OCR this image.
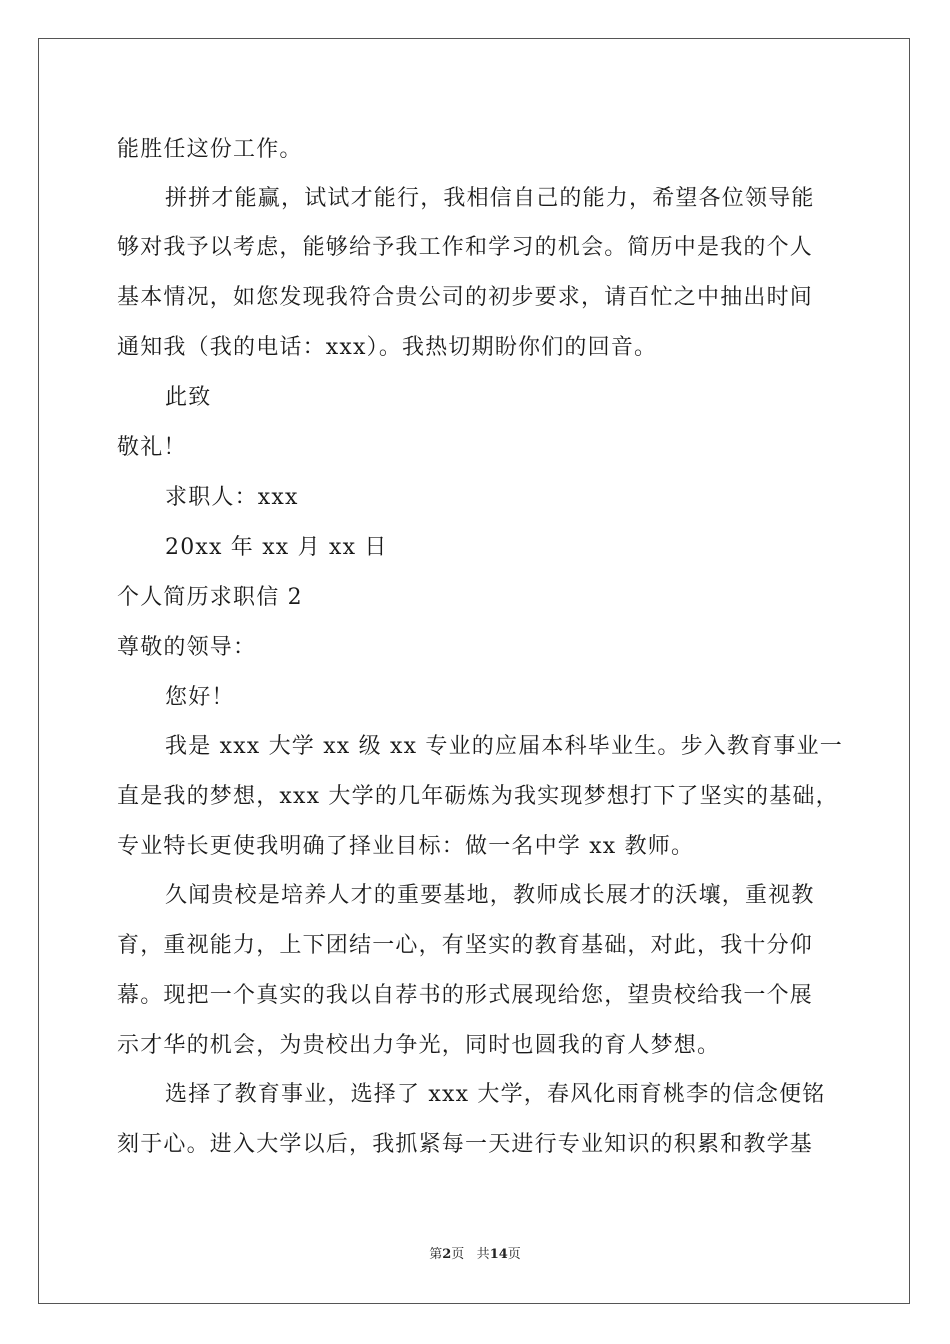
能胜任这份工作。
拼拼才能赢，试试才能行，我相信自己的能力，希望各位领导能
够对我予以考虑，能够给予我工作和学习的机会。简历中是我的个人
基本情况，如您发现我符合贵公司的初步要求，请百忙之中抽出时间
通知我（我的电话：xxx）。我热切期盼你们的回音。
此致
敬礼！
求职人：xxx
20xx 年 xx 月 xx 日
个人简历求职信 2
尊敬的领导：
您好！
我是 xxx 大学 xx 级 xx 专业的应届本科毕业生。步入教育事业一
直是我的梦想，xxx 大学的几年砺炼为我实现梦想打下了坚实的基础，
专业特长更使我明确了择业目标：做一名中学 xx 教师。
久闻贵校是培养人才的重要基地，教师成长展才的沃壤，重视教
育，重视能力，上下团结一心，有坚实的教育基础，对此，我十分仰
幕。现把一个真实的我以自荐书的形式展现给您，望贵校给我一个展
示才华的机会，为贵校出力争光，同时也圆我的育人梦想。
选择了教育事业，选择了 xxx 大学，春风化雨育桃李的信念便铭
刻于心。进入大学以后，我抓紧每一天进行专业知识的积累和教学基
第2页 共14页
